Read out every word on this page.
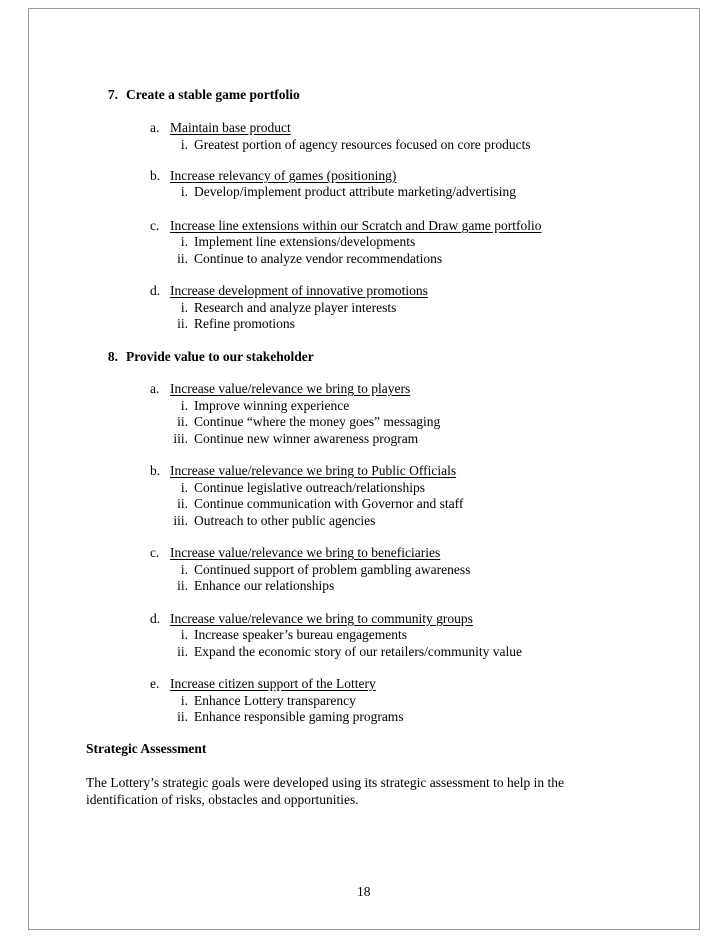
7. Create a stable game portfolio
a. Maintain base product
i. Greatest portion of agency resources focused on core products
b. Increase relevancy of games (positioning)
i. Develop/implement product attribute marketing/advertising
c. Increase line extensions within our Scratch and Draw game portfolio
i. Implement line extensions/developments
ii. Continue to analyze vendor recommendations
d. Increase development of innovative promotions
i. Research and analyze player interests
ii. Refine promotions
8. Provide value to our stakeholder
a. Increase value/relevance we bring to players
i. Improve winning experience
ii. Continue “where the money goes” messaging
iii. Continue new winner awareness program
b. Increase value/relevance we bring to Public Officials
i. Continue legislative outreach/relationships
ii. Continue communication with Governor and staff
iii. Outreach to other public agencies
c. Increase value/relevance we bring to beneficiaries
i. Continued support of problem gambling awareness
ii. Enhance our relationships
d. Increase value/relevance we bring to community groups
i. Increase speaker’s bureau engagements
ii. Expand the economic story of our retailers/community value
e. Increase citizen support of the Lottery
i. Enhance Lottery transparency
ii. Enhance responsible gaming programs
Strategic Assessment
The Lottery’s strategic goals were developed using its strategic assessment to help in the
identification of risks, obstacles and opportunities.
18
